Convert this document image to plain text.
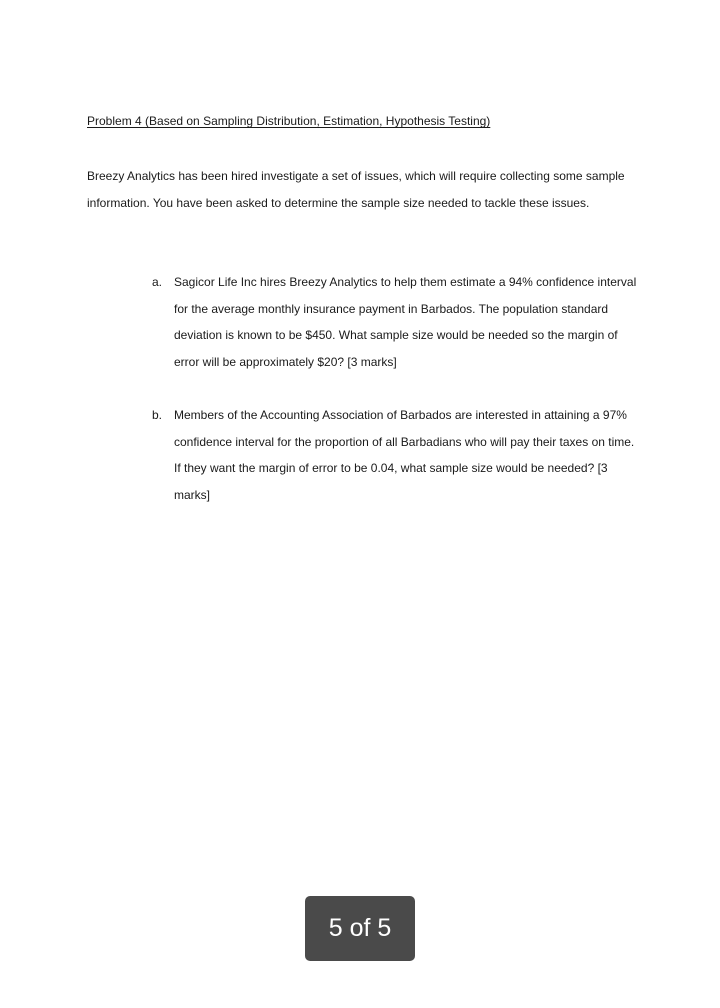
Problem 4 (Based on Sampling Distribution, Estimation, Hypothesis Testing)

Breezy Analytics has been hired investigate a set of issues, which will require collecting some sample information. You have been asked to determine the sample size needed to tackle these issues.

a. Sagicor Life Inc hires Breezy Analytics to help them estimate a 94% confidence interval for the average monthly insurance payment in Barbados. The population standard deviation is known to be $450. What sample size would be needed so the margin of error will be approximately $20? [3 marks]
b. Members of the Accounting Association of Barbados are interested in attaining a 97% confidence interval for the proportion of all Barbadians who will pay their taxes on time. If they want the margin of error to be 0.04, what sample size would be needed? [3 marks]
5 of 5
